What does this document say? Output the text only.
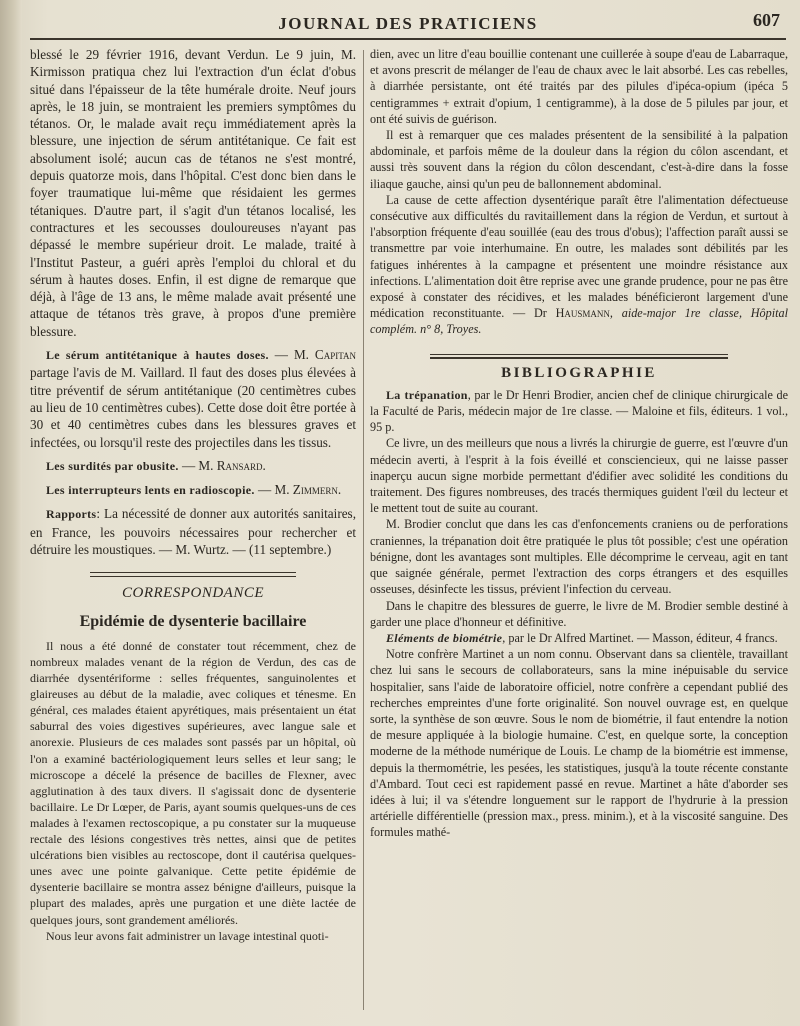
JOURNAL DES PRATICIENS	607

blessé le 29 février 1916, devant Verdun. Le 9 juin, M. Kirmisson pratiqua chez lui l'extraction d'un éclat d'obus situé dans l'épaisseur de la tête humérale droite. Neuf jours après, le 18 juin, se montraient les premiers symptômes du tétanos. Or, le malade avait reçu immédiatement après la blessure, une injection de sérum antitétanique. Ce fait est absolument isolé; aucun cas de tétanos ne s'est montré, depuis quatorze mois, dans l'hôpital. C'est donc bien dans le foyer traumatique lui-même que résidaient les germes tétaniques. D'autre part, il s'agit d'un tétanos localisé, les contractures et les secousses douloureuses n'ayant pas dépassé le membre supérieur droit. Le malade, traité à l'Institut Pasteur, a guéri après l'emploi du chloral et du sérum à hautes doses. Enfin, il est digne de remarque que déjà, à l'âge de 13 ans, le même malade avait présenté une attaque de tétanos très grave, à propos d'une première blessure.

Le sérum antitétanique à hautes doses. — M. Capitan partage l'avis de M. Vaillard. Il faut des doses plus élevées à titre préventif de sérum antitétanique (20 centimètres cubes au lieu de 10 centimètres cubes). Cette dose doit être portée à 30 et 40 centimètres cubes dans les blessures graves et infectées, ou lorsqu'il reste des projectiles dans les tissus.

Les surdités par obusite. — M. Ransard.

Les interrupteurs lents en radioscopie. — M. Zimmern.

Rapports: La nécessité de donner aux autorités sanitaires, en France, les pouvoirs nécessaires pour rechercher et détruire les moustiques. — M. Wurtz. — (11 septembre.)

CORRESPONDANCE
Epidémie de dysenterie bacillaire

Il nous a été donné de constater tout récemment, chez de nombreux malades venant de la région de Verdun, des cas de diarrhée dysentériforme : selles fréquentes, sanguinolentes et glaireuses au début de la maladie, avec coliques et ténesme. En général, ces malades étaient apyrétiques, mais présentaient un état saburral des voies digestives supérieures, avec langue sale et anorexie. Plusieurs de ces malades sont passés par un hôpital, où l'on a examiné bactériologiquement leurs selles et leur sang; le microscope a décelé la présence de bacilles de Flexner, avec agglutination à des taux divers. Il s'agissait donc de dysenterie bacillaire. Le Dr Lœper, de Paris, ayant soumis quelques-uns de ces malades à l'examen rectoscopique, a pu constater sur la muqueuse rectale des lésions congestives très nettes, ainsi que de petites ulcérations bien visibles au rectoscope, dont il cautérisa quelques-unes avec une pointe galvanique. Cette petite épidémie de dysenterie bacillaire se montra assez bénigne d'ailleurs, puisque la plupart des malades, après une purgation et une diète lactée de quelques jours, sont grandement améliorés.

Nous leur avons fait administrer un lavage intestinal quoti-

dien, avec un litre d'eau bouillie contenant une cuillerée à soupe d'eau de Labarraque, et avons prescrit de mélanger de l'eau de chaux avec le lait absorbé. Les cas rebelles, à diarrhée persistante, ont été traités par des pilules d'ipéca-opium (ipéca 5 centigrammes + extrait d'opium, 1 centigramme), à la dose de 5 pilules par jour, et ont été suivis de guérison.

Il est à remarquer que ces malades présentent de la sensibilité à la palpation abdominale, et parfois même de la douleur dans la région du côlon ascendant, et aussi très souvent dans la région du côlon descendant, c'est-à-dire dans la fosse iliaque gauche, ainsi qu'un peu de ballonnement abdominal.

La cause de cette affection dysentérique paraît être l'alimentation défectueuse consécutive aux difficultés du ravitaillement dans la région de Verdun, et surtout à l'absorption fréquente d'eau souillée (eau des trous d'obus); l'affection paraît aussi se transmettre par voie interhumaine. En outre, les malades sont débilités par les fatigues inhérentes à la campagne et présentent une moindre résistance aux infections. L'alimentation doit être reprise avec une grande prudence, pour ne pas être exposé à constater des récidives, et les malades bénéficieront largement d'une médication reconstituante. — Dr Hausmann, aide-major 1re classe, Hôpital complém. n° 8, Troyes.

BIBLIOGRAPHIE

La trépanation, par le Dr Henri Brodier, ancien chef de clinique chirurgicale de la Faculté de Paris, médecin major de 1re classe. — Maloine et fils, éditeurs. 1 vol., 95 p.

Ce livre, un des meilleurs que nous a livrés la chirurgie de guerre, est l'œuvre d'un médecin averti, à l'esprit à la fois éveillé et consciencieux, qui ne laisse passer inaperçu aucun signe morbide permettant d'édifier avec solidité les conditions du traitement. Des figures nombreuses, des tracés thermiques guident l'œil du lecteur et le mettent tout de suite au courant.

M. Brodier conclut que dans les cas d'enfoncements craniens ou de perforations craniennes, la trépanation doit être pratiquée le plus tôt possible; c'est une opération bénigne, dont les avantages sont multiples. Elle décomprime le cerveau, agit en tant que saignée générale, permet l'extraction des corps étrangers et des esquilles osseuses, désinfecte les tissus, prévient l'infection du cerveau.

Dans le chapitre des blessures de guerre, le livre de M. Brodier semble destiné à garder une place d'honneur et définitive.

Eléments de biométrie, par le Dr Alfred Martinet. — Masson, éditeur, 4 francs.

Notre confrère Martinet a un nom connu. Observant dans sa clientèle, travaillant chez lui sans le secours de collaborateurs, sans la mine inépuisable du service hospitalier, sans l'aide de laboratoire officiel, notre confrère a cependant publié des recherches empreintes d'une forte originalité. Son nouvel ouvrage est, en quelque sorte, la synthèse de son œuvre. Sous le nom de biométrie, il faut entendre la notion de mesure appliquée à la biologie humaine. C'est, en quelque sorte, la conception moderne de la méthode numérique de Louis. Le champ de la biométrie est immense, depuis la thermométrie, les pesées, les statistiques, jusqu'à la toute récente constante d'Ambard. Tout ceci est rapidement passé en revue. Martinet a hâte d'aborder ses idées à lui; il va s'étendre longuement sur le rapport de l'hydrurie à la pression artérielle différentielle (pression max., press. minim.), et à la viscosité sanguine. Des formules mathé-
